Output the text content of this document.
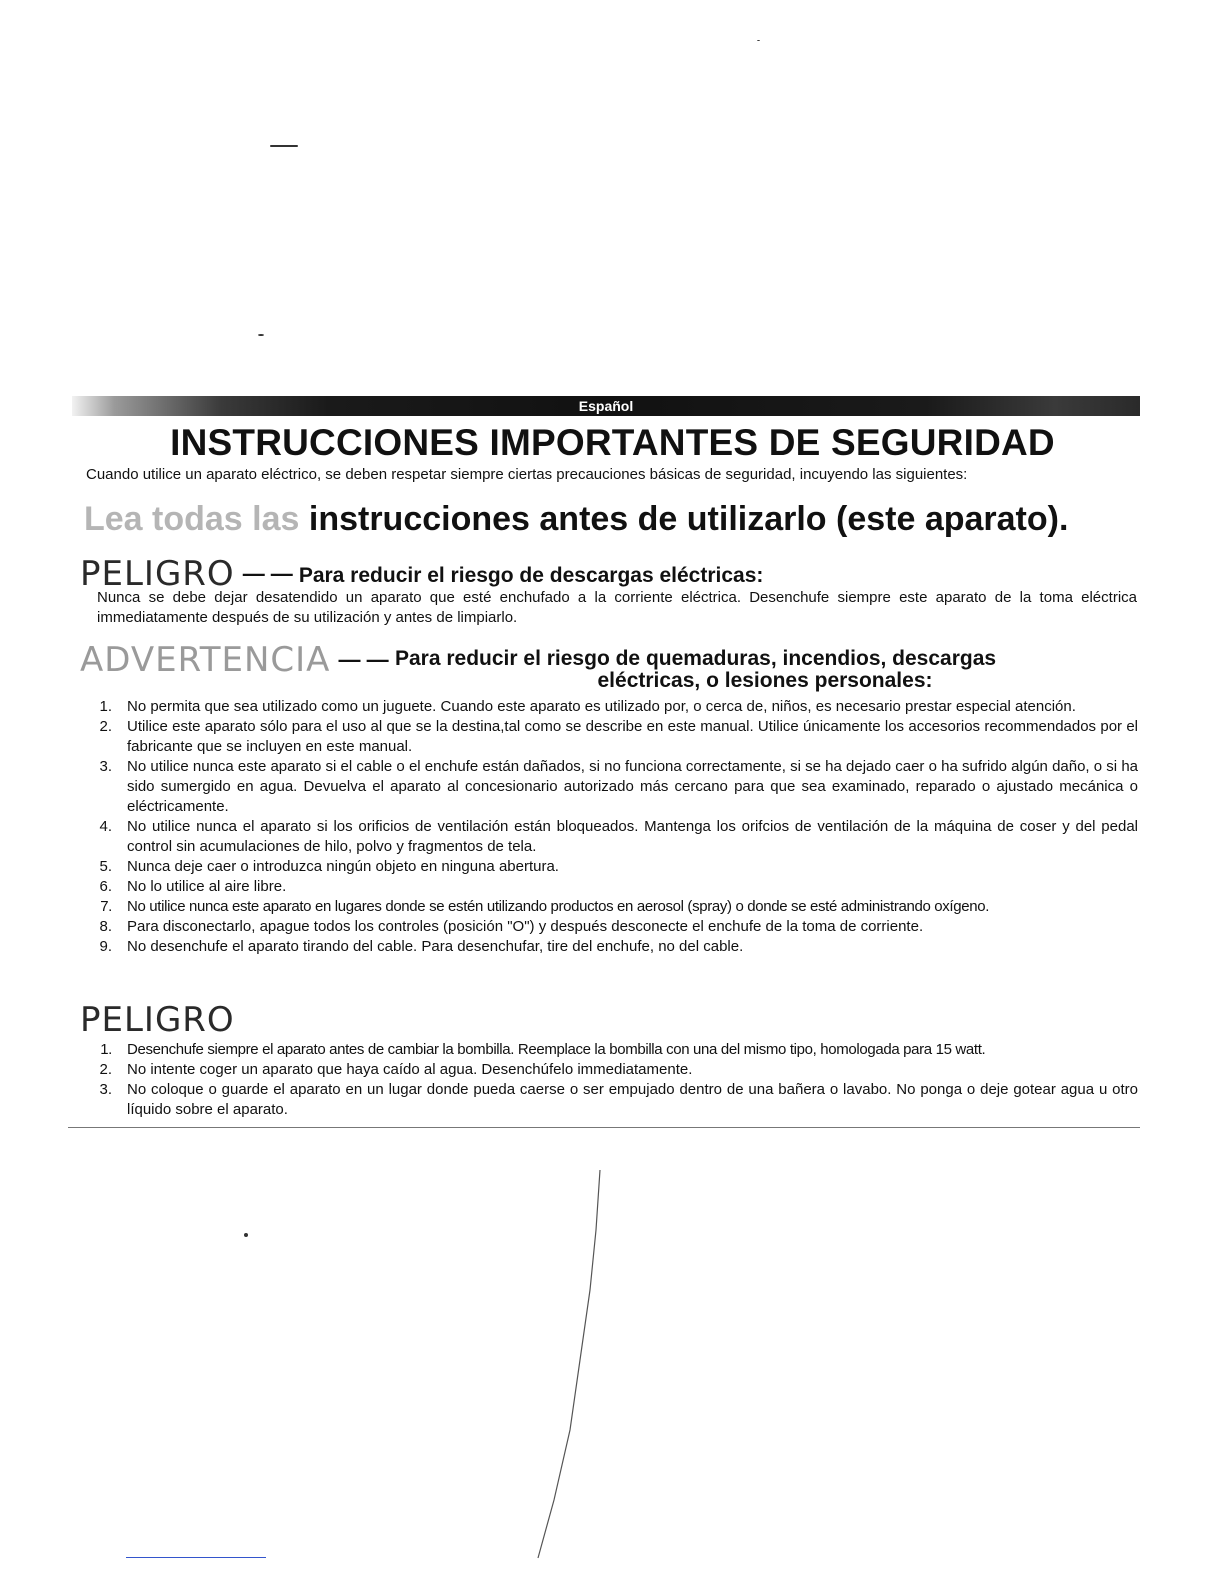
Español
INSTRUCCIONES IMPORTANTES DE SEGURIDAD

Cuando utilice un aparato eléctrico, se deben respetar siempre ciertas precauciones básicas de seguridad, incuyendo las siguientes:

Lea todas las instrucciones antes de utilizarlo (este aparato).

PELIGRO — — Para reducir el riesgo de descargas eléctricas:

Nunca se debe dejar desatendido un aparato que esté enchufado a la corriente eléctrica. Desenchufe siempre este aparato de la toma eléctrica immediatamente después de su utilización y antes de limpiarlo.

ADVERTENCIA — — Para reducir el riesgo de quemaduras, incendios, descargas
eléctricas, o lesiones personales:
1. No permita que sea utilizado como un juguete. Cuando este aparato es utilizado por, o cerca de, niños, es necesario prestar especial atención.
2. Utilice este aparato sólo para el uso al que se la destina,tal como se describe en este manual. Utilice únicamente los accesorios recommendados por el fabricante que se incluyen en este manual.
3. No utilice nunca este aparato si el cable o el enchufe están dañados, si no funciona correctamente, si se ha dejado caer o ha sufrido algún daño, o si ha sido sumergido en agua. Devuelva el aparato al concesionario autorizado más cercano para que sea examinado, reparado o ajustado mecánica o eléctricamente.
4. No utilice nunca el aparato si los orificios de ventilación están bloqueados. Mantenga los orifcios de ventilación de la máquina de coser y del pedal control sin acumulaciones de hilo, polvo y fragmentos de tela.
5. Nunca deje caer o introduzca ningún objeto en ninguna abertura.
6. No lo utilice al aire libre.
7. No utilice nunca este aparato en lugares donde se estén utilizando productos en aerosol (spray) o donde se esté administrando oxígeno.
8. Para disconectarlo, apague todos los controles (posición "O") y después desconecte el enchufe de la toma de corriente.
9. No desenchufe el aparato tirando del cable. Para desenchufar, tire del enchufe, no del cable.
PELIGRO
1. Desenchufe siempre el aparato antes de cambiar la bombilla. Reemplace la bombilla con una del mismo tipo, homologada para 15 watt.
2. No intente coger un aparato que haya caído al agua. Desenchúfelo immediatamente.
3. No coloque o guarde el aparato en un lugar donde pueda caerse o ser empujado dentro de una bañera o lavabo. No ponga o deje gotear agua u otro líquido sobre el aparato.
